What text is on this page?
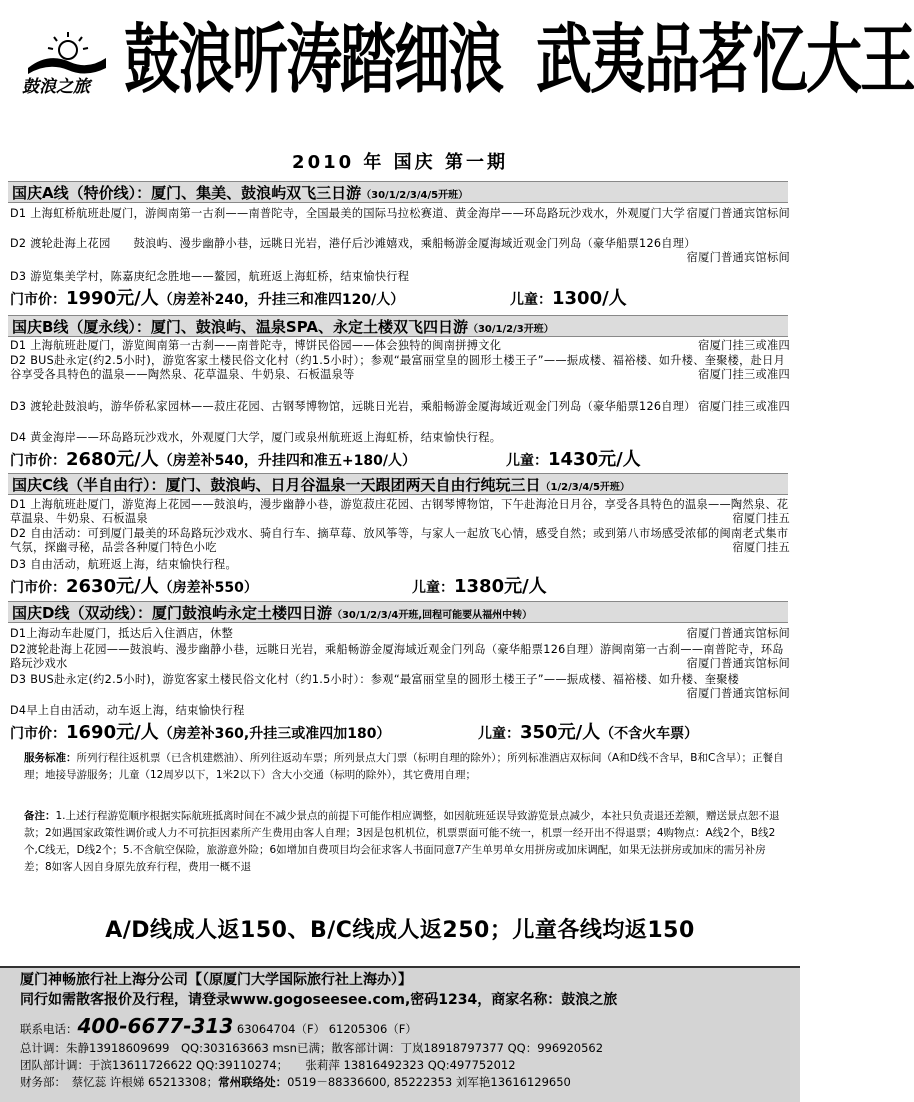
鼓浪之旅 鼓浪听涛踏细浪 武夷品茗忆大王
2010 年 国庆 第一期
国庆A线（特价线）：厦门、集美、鼓浪屿双飞三日游（30/1/2/3/4/5开班）
D1 上海虹桥航班赴厦门，游闽南第一古刹——南普陀寺，全国最美的国际马拉松赛道、黄金海岸——环岛路玩沙戏水，外观厦门大学 宿厦门普通宾馆标间
D2 渡轮赴海上花园　　鼓浪屿、漫步幽静小巷，远眺日光岩，港仔后沙滩嬉戏，乘船畅游金厦海域近观金门列岛（豪华船票126自理）
宿厦门普通宾馆标间
D3 游览集美学村，陈嘉庚纪念胜地——鳌园，航班返上海虹桥，结束愉快行程
门市价：1990元/人（房差补240，升挂三和准四120/人）	儿童：1300/人
国庆B线（厦永线）：厦门、鼓浪屿、温泉SPA、永定土楼双飞四日游（30/1/2/3开班）
D1 上海航班赴厦门，游览闽南第一古刹——南普陀寺，博饼民俗园——体会独特的闽南拼搏文化	宿厦门挂三或准四
D2 BUS赴永定(约2.5小时)，游览客家土楼民俗文化村（约1.5小时）；参观“最富丽堂皇的圆形土楼王子”——振成楼、福裕楼、如升楼、奎聚楼，赴日月谷享受各具特色的温泉——陶然泉、花草温泉、牛奶泉、石板温泉等	宿厦门挂三或准四
D3 渡轮赴鼓浪屿，游华侨私家园林——菽庄花园、古钢琴博物馆，远眺日光岩，乘船畅游金厦海域近观金门列岛（豪华船票126自理） 宿厦门挂三或准四
D4 黄金海岸——环岛路玩沙戏水，外观厦门大学，厦门或泉州航班返上海虹桥，结束愉快行程。
门市价：2680元/人（房差补540，升挂四和准五+180/人）	儿童：1430元/人
国庆C线（半自由行）：厦门、鼓浪屿、日月谷温泉一天跟团两天自由行纯玩三日（1/2/3/4/5开班）
D1 上海航班赴厦门，游览海上花园——鼓浪屿，漫步幽静小巷，游览菽庄花园、古钢琴博物馆，下午赴海沧日月谷，享受各具特色的温泉——陶然泉、花草温泉、牛奶泉、石板温泉	宿厦门挂五
D2 自由活动：可到厦门最美的环岛路玩沙戏水、骑自行车、摘草莓、放风筝等，与家人一起放飞心情，感受自然；或到第八市场感受浓郁的闽南老式集市气氛，探幽寻秘，品尝各种厦门特色小吃	宿厦门挂五
D3 自由活动，航班返上海，结束愉快行程。
门市价：2630元/人（房差补550）	儿童：1380元/人
国庆D线（双动线）：厦门鼓浪屿永定土楼四日游（30/1/2/3/4开班,回程可能要从福州中转）
D1上海动车赴厦门，抵达后入住酒店，休整	宿厦门普通宾馆标间
D2渡轮赴海上花园——鼓浪屿、漫步幽静小巷，远眺日光岩，乘船畅游金厦海域近观金门列岛（豪华船票126自理）游闽南第一古刹——南普陀寺，环岛路玩沙戏水	宿厦门普通宾馆标间
D3 BUS赴永定(约2.5小时)，游览客家土楼民俗文化村（约1.5小时）：参观“最富丽堂皇的圆形土楼王子”——振成楼、福裕楼、如升楼、奎聚楼
宿厦门普通宾馆标间
D4早上自由活动，动车返上海，结束愉快行程
门市价：1690元/人（房差补360,升挂三或准四加180）	儿童：350元/人（不含火车票）
服务标准：所列行程往返机票（已含机建燃油）、所列往返动车票；所列景点大门票（标明自理的除外）；所列标准酒店双标间（A和D线不含早，B和C含早）；正餐自理；地接导游服务；儿童（12周岁以下，1米2以下）含大小交通（标明的除外），其它费用自理；
备注：1.上述行程游览顺序根据实际航班抵离时间在不减少景点的前提下可能作相应调整，如因航班延误导致游览景点减少，本社只负责退还差额，赠送景点恕不退款；2如遇国家政策性调价或人力不可抗拒因素所产生费用由客人自理；3因是包机机位，机票票面可能不统一，机票一经开出不得退票；4购物点：A线2个，B线2个,C线无，D线2个；5.不含航空保险，旅游意外险；6如增加自费项目均会征求客人书面同意7产生单男单女用拼房或加床调配，如果无法拼房或加床的需另补房差；8如客人因自身原先放弃行程，费用一概不退
A/D线成人返150、B/C线成人返250；儿童各线均返150
厦门神畅旅行社上海分公司【（原厦门大学国际旅行社上海办）】
同行如需散客报价及行程，请登录www.gogoseesee.com,密码1234，商家名称：鼓浪之旅
联系电话：400-6677-313 63064704（F） 61205306（F）
总计调：朱静13918609699　QQ:303163663 msn已满；散客部计调：丁岚18918797377 QQ：996920562
团队部计调：于滨13611726622 QQ:39110274；　　张莉萍 13816492323 QQ:497752012
财务部：　蔡忆蕊 许根娣 65213308；常州联络处：0519－88336600, 85222353 刘军艳13616129650
